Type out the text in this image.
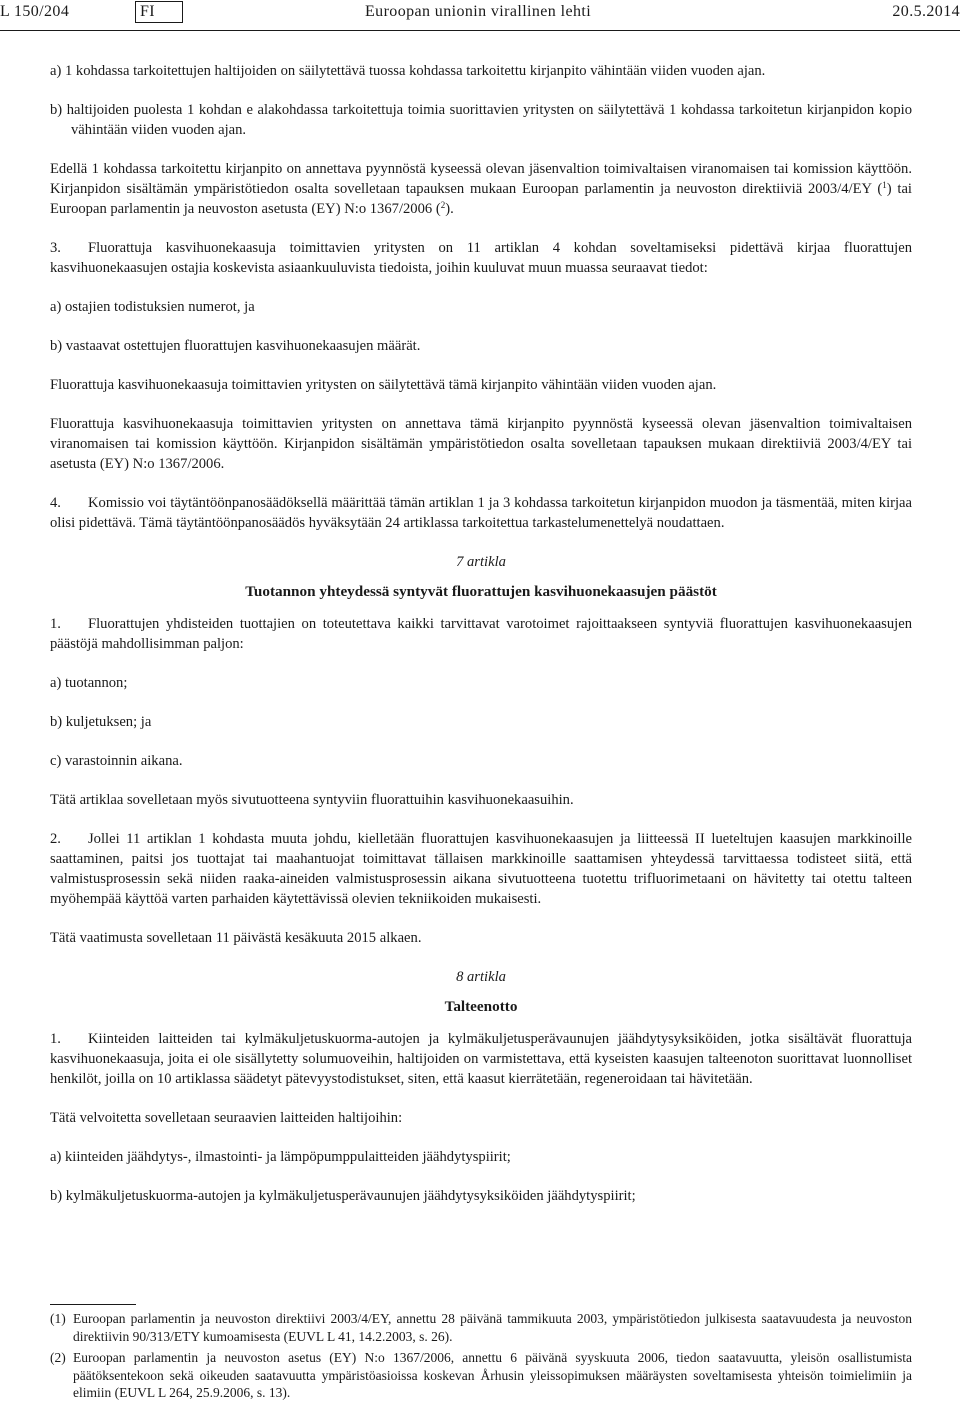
L 150/204	FI	Euroopan unionin virallinen lehti	20.5.2014

a) 1 kohdassa tarkoitettujen haltijoiden on säilytettävä tuossa kohdassa tarkoitettu kirjanpito vähintään viiden vuoden ajan.

b) haltijoiden puolesta 1 kohdan e alakohdassa tarkoitettuja toimia suorittavien yritysten on säilytettävä 1 kohdassa tarkoitetun kirjanpidon kopio vähintään viiden vuoden ajan.

Edellä 1 kohdassa tarkoitettu kirjanpito on annettava pyynnöstä kyseessä olevan jäsenvaltion toimivaltaisen viranomaisen tai komission käyttöön. Kirjanpidon sisältämän ympäristötiedon osalta sovelletaan tapauksen mukaan Euroopan parlamentin ja neuvoston direktiiviä 2003/4/EY ($^1$) tai Euroopan parlamentin ja neuvoston asetusta (EY) N:o 1367/2006 ($^2$).

3. Fluorattuja kasvihuonekaasuja toimittavien yritysten on 11 artiklan 4 kohdan soveltamiseksi pidettävä kirjaa fluorattujen kasvihuonekaasujen ostajia koskevista asiaankuuluvista tiedoista, joihin kuuluvat muun muassa seuraavat tiedot:

a) ostajien todistuksien numerot, ja

b) vastaavat ostettujen fluorattujen kasvihuonekaasujen määrät.

Fluorattuja kasvihuonekaasuja toimittavien yritysten on säilytettävä tämä kirjanpito vähintään viiden vuoden ajan.

Fluorattuja kasvihuonekaasuja toimittavien yritysten on annettava tämä kirjanpito pyynnöstä kyseessä olevan jäsenvaltion toimivaltaisen viranomaisen tai komission käyttöön. Kirjanpidon sisältämän ympäristötiedon osalta sovelletaan tapauksen mukaan direktiiviä 2003/4/EY tai asetusta (EY) N:o 1367/2006.

4. Komissio voi täytäntöönpanosäädöksellä määrittää tämän artiklan 1 ja 3 kohdassa tarkoitetun kirjanpidon muodon ja täsmentää, miten kirjaa olisi pidettävä. Tämä täytäntöönpanosäädös hyväksytään 24 artiklassa tarkoitettua tarkastelumenettelyä noudattaen.

7 artikla
Tuotannon yhteydessä syntyvät fluorattujen kasvihuonekaasujen päästöt

1. Fluorattujen yhdisteiden tuottajien on toteutettava kaikki tarvittavat varotoimet rajoittaakseen syntyviä fluorattujen kasvihuonekaasujen päästöjä mahdollisimman paljon:

a) tuotannon;

b) kuljetuksen; ja

c) varastoinnin aikana.

Tätä artiklaa sovelletaan myös sivutuotteena syntyviin fluorattuihin kasvihuonekaasuihin.

2. Jollei 11 artiklan 1 kohdasta muuta johdu, kielletään fluorattujen kasvihuonekaasujen ja liitteessä II lueteltujen kaasujen markkinoille saattaminen, paitsi jos tuottajat tai maahantuojat toimittavat tällaisen markkinoille saattamisen yhteydessä tarvittaessa todisteet siitä, että valmistusprosessin sekä niiden raaka-aineiden valmistusprosessin aikana sivutuotteena tuotettu trifluorimetaani on hävitetty tai otettu talteen myöhempää käyttöä varten parhaiden käytettävissä olevien tekniikoiden mukaisesti.

Tätä vaatimusta sovelletaan 11 päivästä kesäkuuta 2015 alkaen.

8 artikla
Talteenotto

1. Kiinteiden laitteiden tai kylmäkuljetuskuorma-autojen ja kylmäkuljetusperävaunujen jäähdytysyksiköiden, jotka sisältävät fluorattuja kasvihuonekaasuja, joita ei ole sisällytetty solumuoveihin, haltijoiden on varmistettava, että kyseisten kaasujen talteenoton suorittavat luonnolliset henkilöt, joilla on 10 artiklassa säädetyt pätevyystodistukset, siten, että kaasut kierrätetään, regeneroidaan tai hävitetään.

Tätä velvoitetta sovelletaan seuraavien laitteiden haltijoihin:

a) kiinteiden jäähdytys-, ilmastointi- ja lämpöpumppulaitteiden jäähdytyspiirit;

b) kylmäkuljetuskuorma-autojen ja kylmäkuljetusperävaunujen jäähdytysyksiköiden jäähdytyspiirit;

(1) Euroopan parlamentin ja neuvoston direktiivi 2003/4/EY, annettu 28 päivänä tammikuuta 2003, ympäristötiedon julkisesta saatavuudesta ja neuvoston direktiivin 90/313/ETY kumoamisesta (EUVL L 41, 14.2.2003, s. 26).

(2) Euroopan parlamentin ja neuvoston asetus (EY) N:o 1367/2006, annettu 6 päivänä syyskuuta 2006, tiedon saatavuutta, yleisön osallistumista päätöksentekoon sekä oikeuden saatavuutta ympäristöasioissa koskevan Århusin yleissopimuksen määräysten soveltamisesta yhteisön toimielimiin ja elimiin (EUVL L 264, 25.9.2006, s. 13).
